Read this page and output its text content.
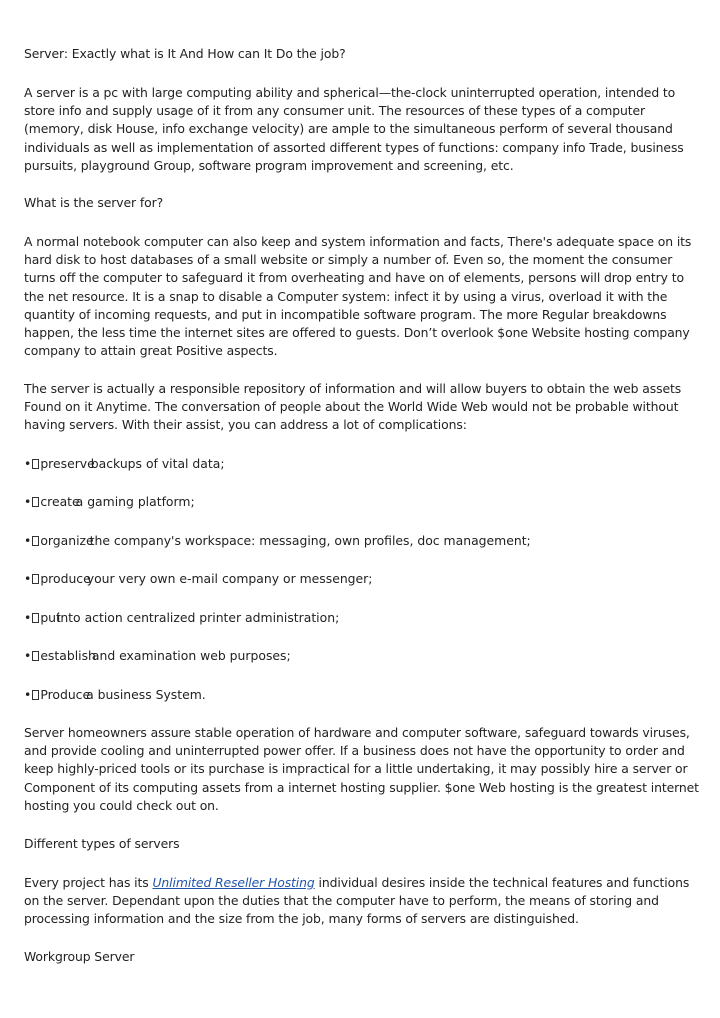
Server: Exactly what is It And How can It Do the job?
A server is a pc with large computing ability and spherical—the-clock uninterrupted operation, intended to store info and supply usage of it from any consumer unit. The resources of these types of a computer (memory, disk House, info exchange velocity) are ample to the simultaneous perform of several thousand individuals as well as implementation of assorted different types of functions: company info Trade, business pursuits, playground Group, software program improvement and screening, etc.
What is the server for?
A normal notebook computer can also keep and system information and facts, There's adequate space on its hard disk to host databases of a small website or simply a number of. Even so, the moment the consumer turns off the computer to safeguard it from overheating and have on of elements, persons will drop entry to the net resource. It is a snap to disable a Computer system: infect it by using a virus, overload it with the quantity of incoming requests, and put in incompatible software program. The more Regular breakdowns happen, the less time the internet sites are offered to guests. Don’t overlook $one Website hosting company company to attain great Positive aspects.
The server is actually a responsible repository of information and will allow buyers to obtain the web assets Found on it Anytime. The conversation of people about the World Wide Web would not be probable without having servers. With their assist, you can address a lot of complications:
• preservebackups of vital data;
• createa gaming platform;
• organizethe company's workspace: messaging, own profiles, doc management;
• produceyour very own e-mail company or messenger;
• putinto action centralized printer administration;
• establishand examination web purposes;
• Producea business System.
Server homeowners assure stable operation of hardware and computer software, safeguard towards viruses, and provide cooling and uninterrupted power offer. If a business does not have the opportunity to order and keep highly-priced tools or its purchase is impractical for a little undertaking, it may possibly hire a server or Component of its computing assets from a internet hosting supplier. $one Web hosting is the greatest internet hosting you could check out on.
Different types of servers
Every project has its Unlimited Reseller Hosting individual desires inside the technical features and functions on the server. Dependant upon the duties that the computer have to perform, the means of storing and processing information and the size from the job, many forms of servers are distinguished.
Workgroup Server
